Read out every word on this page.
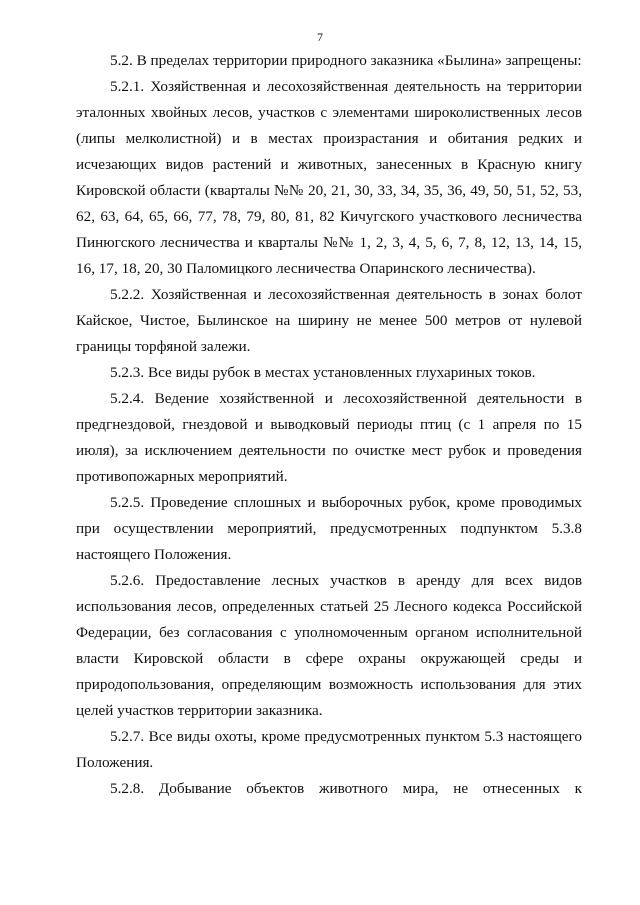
7

5.2. В пределах территории природного заказника «Былина» запрещены:

5.2.1. Хозяйственная и лесохозяйственная деятельность на территории эталонных хвойных лесов, участков с элементами широколиственных лесов (липы мелколистной) и в местах произрастания и обитания редких и исчезающих видов растений и животных, занесенных в Красную книгу Кировской области (кварталы №№ 20, 21, 30, 33, 34, 35, 36, 49, 50, 51, 52, 53, 62, 63, 64, 65, 66, 77, 78, 79, 80, 81, 82 Кичугского участкового лесничества Пинюгского лесничества и кварталы №№ 1, 2, 3, 4, 5, 6, 7, 8, 12, 13, 14, 15, 16, 17, 18, 20, 30 Паломицкого лесничества Опаринского лесничества).

5.2.2. Хозяйственная и лесохозяйственная деятельность в зонах болот Кайское, Чистое, Былинское на ширину не менее 500 метров от нулевой границы торфяной залежи.

5.2.3. Все виды рубок в местах установленных глухариных токов.

5.2.4. Ведение хозяйственной и лесохозяйственной деятельности в предгнездовой, гнездовой и выводковый периоды птиц (с 1 апреля по 15 июля), за исключением деятельности по очистке мест рубок и проведения противопожарных мероприятий.

5.2.5. Проведение сплошных и выборочных рубок, кроме проводимых при осуществлении мероприятий, предусмотренных подпунктом 5.3.8 настоящего Положения.

5.2.6. Предоставление лесных участков в аренду для всех видов использования лесов, определенных статьей 25 Лесного кодекса Российской Федерации, без согласования с уполномоченным органом исполнительной власти Кировской области в сфере охраны окружающей среды и природопользования, определяющим возможность использования для этих целей участков территории заказника.

5.2.7. Все виды охоты, кроме предусмотренных пунктом 5.3 настоящего Положения.

5.2.8. Добывание объектов животного мира, не отнесенных к
